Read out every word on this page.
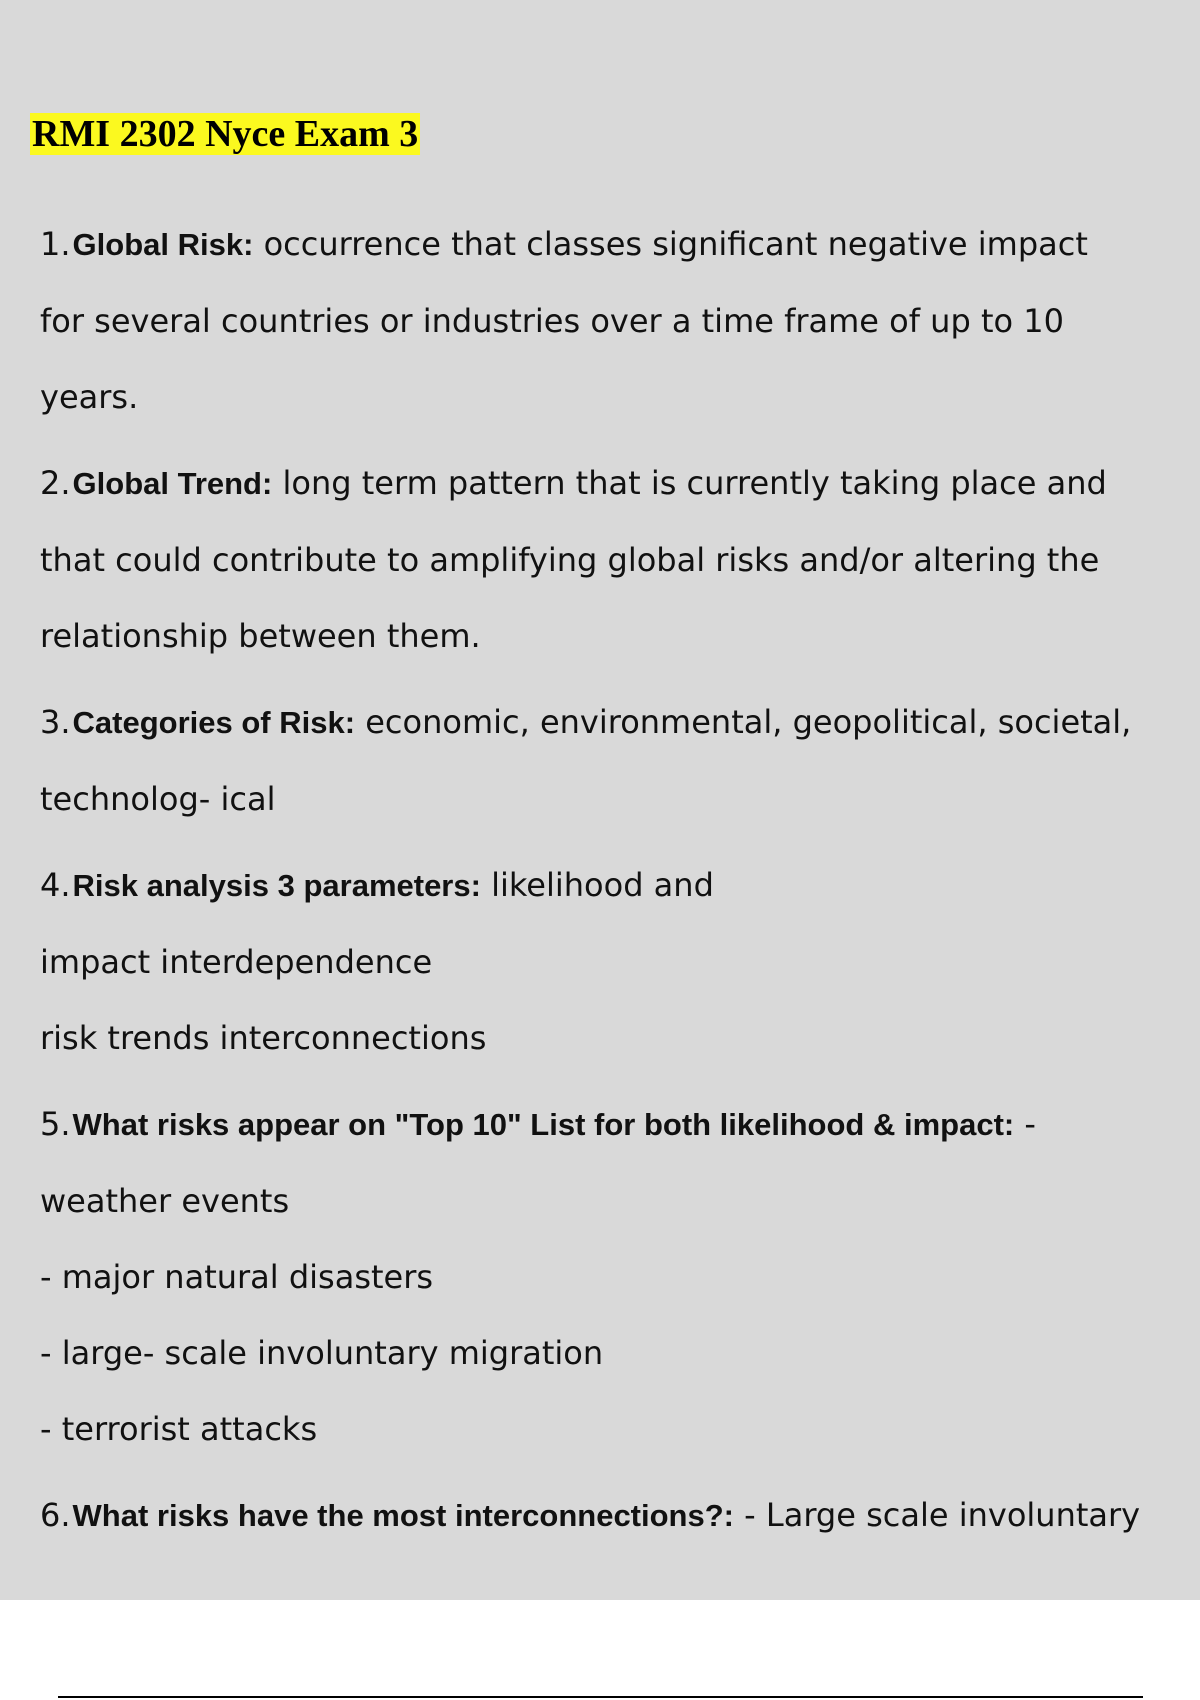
RMI 2302 Nyce Exam 3
1.Global Risk: occurrence that classes significant negative impact
for several countries or industries over a time frame of up to 10
years.
2.Global Trend: long term pattern that is currently taking place and
that could contribute to amplifying global risks and/or altering the
relationship between them.
3.Categories of Risk: economic, environmental, geopolitical, societal,
technolog- ical
4.Risk analysis 3 parameters: likelihood and
impact interdependence
risk trends interconnections
5.What risks appear on "Top 10" List for both likelihood & impact: -
weather events
- major natural disasters
- large- scale involuntary migration
- terrorist attacks
6.What risks have the most interconnections?: - Large scale involuntary
